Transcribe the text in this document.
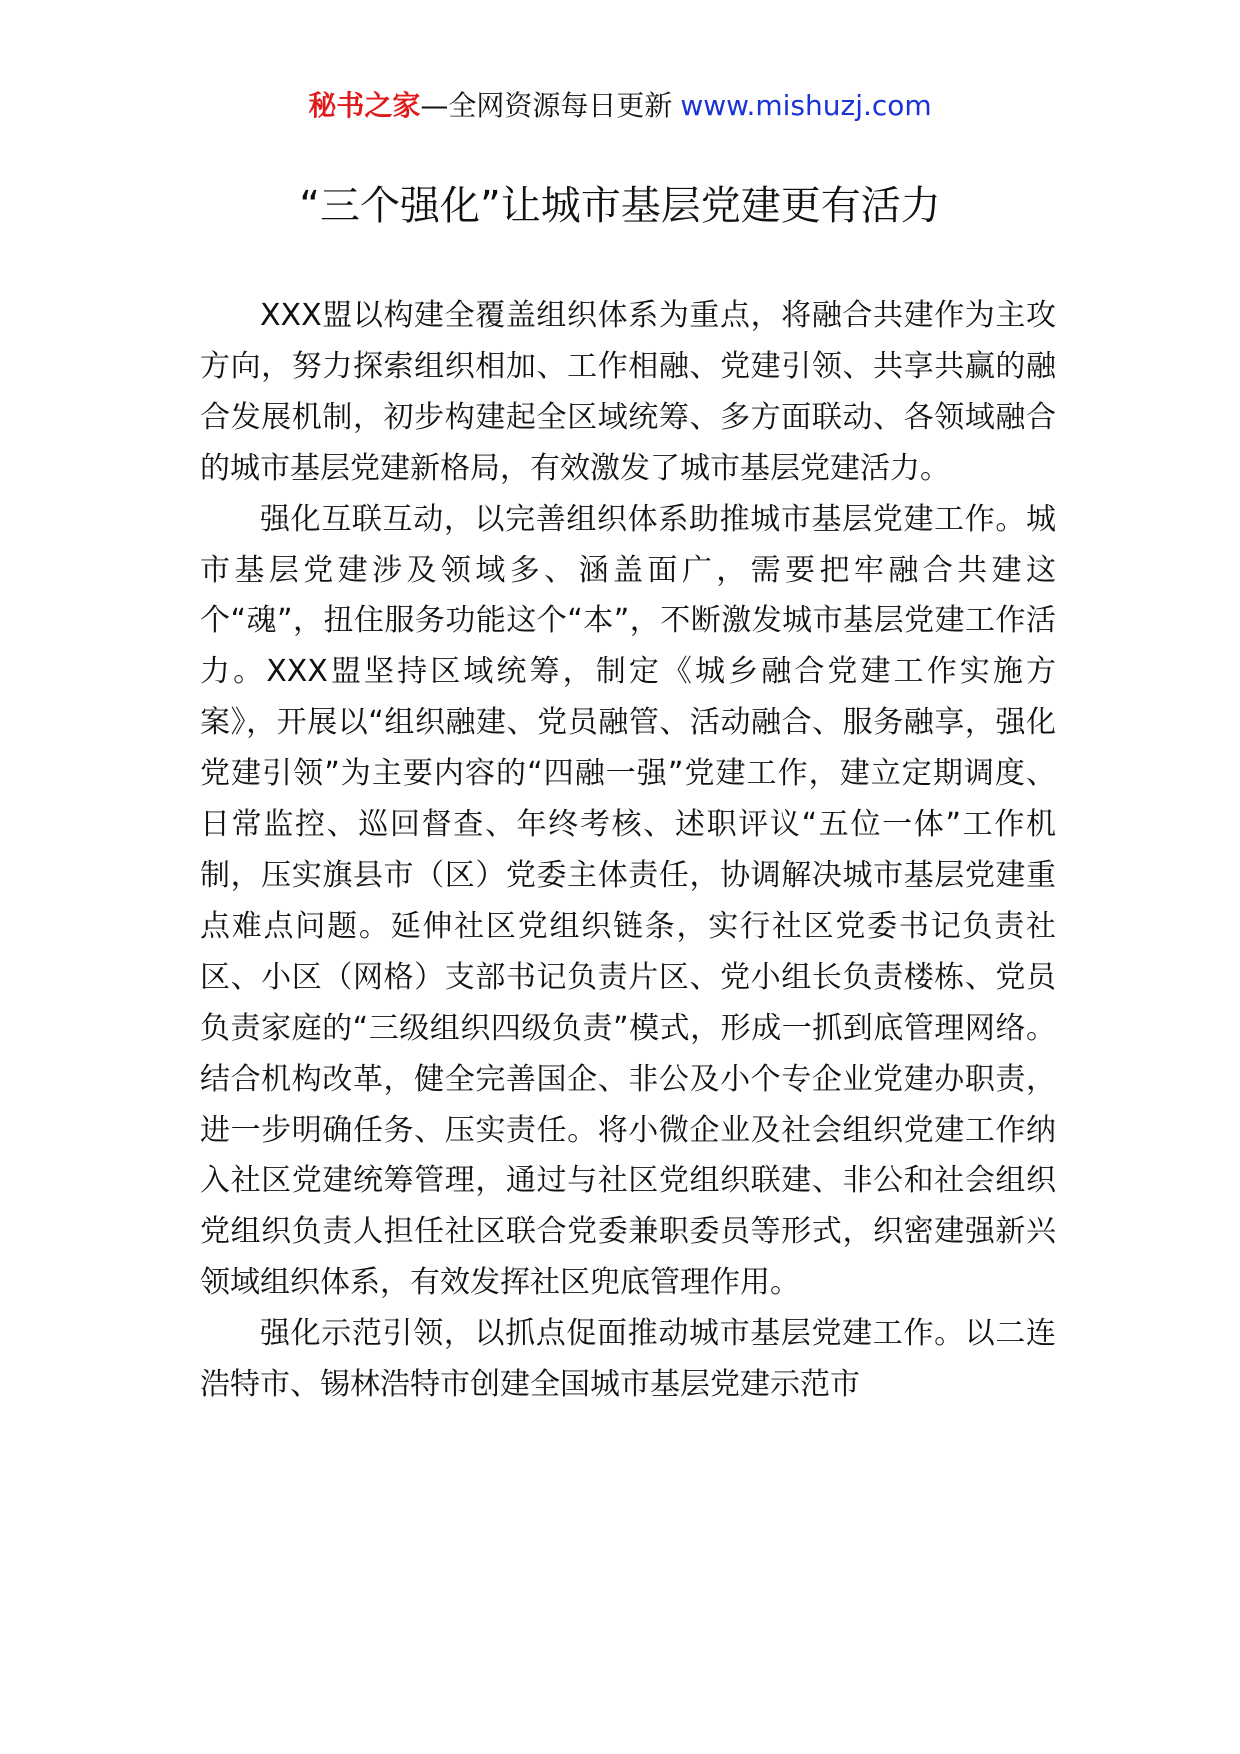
秘书之家—全网资源每日更新 www.mishuzj.com
“三个强化”让城市基层党建更有活力

XXX盟以构建全覆盖组织体系为重点，将融合共建作为主攻方向，努力探索组织相加、工作相融、党建引领、共享共赢的融合发展机制，初步构建起全区域统筹、多方面联动、各领域融合的城市基层党建新格局，有效激发了城市基层党建活力。

强化互联互动，以完善组织体系助推城市基层党建工作。城市基层党建涉及领域多、涵盖面广，需要把牢融合共建这个“魂”，扭住服务功能这个“本”，不断激发城市基层党建工作活力。XXX盟坚持区域统筹，制定《城乡融合党建工作实施方案》，开展以“组织融建、党员融管、活动融合、服务融享，强化党建引领”为主要内容的“四融一强”党建工作，建立定期调度、日常监控、巡回督查、年终考核、述职评议“五位一体”工作机制，压实旗县市（区）党委主体责任，协调解决城市基层党建重点难点问题。延伸社区党组织链条，实行社区党委书记负责社区、小区（网格）支部书记负责片区、党小组长负责楼栋、党员负责家庭的“三级组织四级负责”模式，形成一抓到底管理网络。结合机构改革，健全完善国企、非公及小个专企业党建办职责，进一步明确任务、压实责任。将小微企业及社会组织党建工作纳入社区党建统筹管理，通过与社区党组织联建、非公和社会组织党组织负责人担任社区联合党委兼职委员等形式，织密建强新兴领域组织体系，有效发挥社区兜底管理作用。

强化示范引领，以抓点促面推动城市基层党建工作。以二连浩特市、锡林浩特市创建全国城市基层党建示范市
